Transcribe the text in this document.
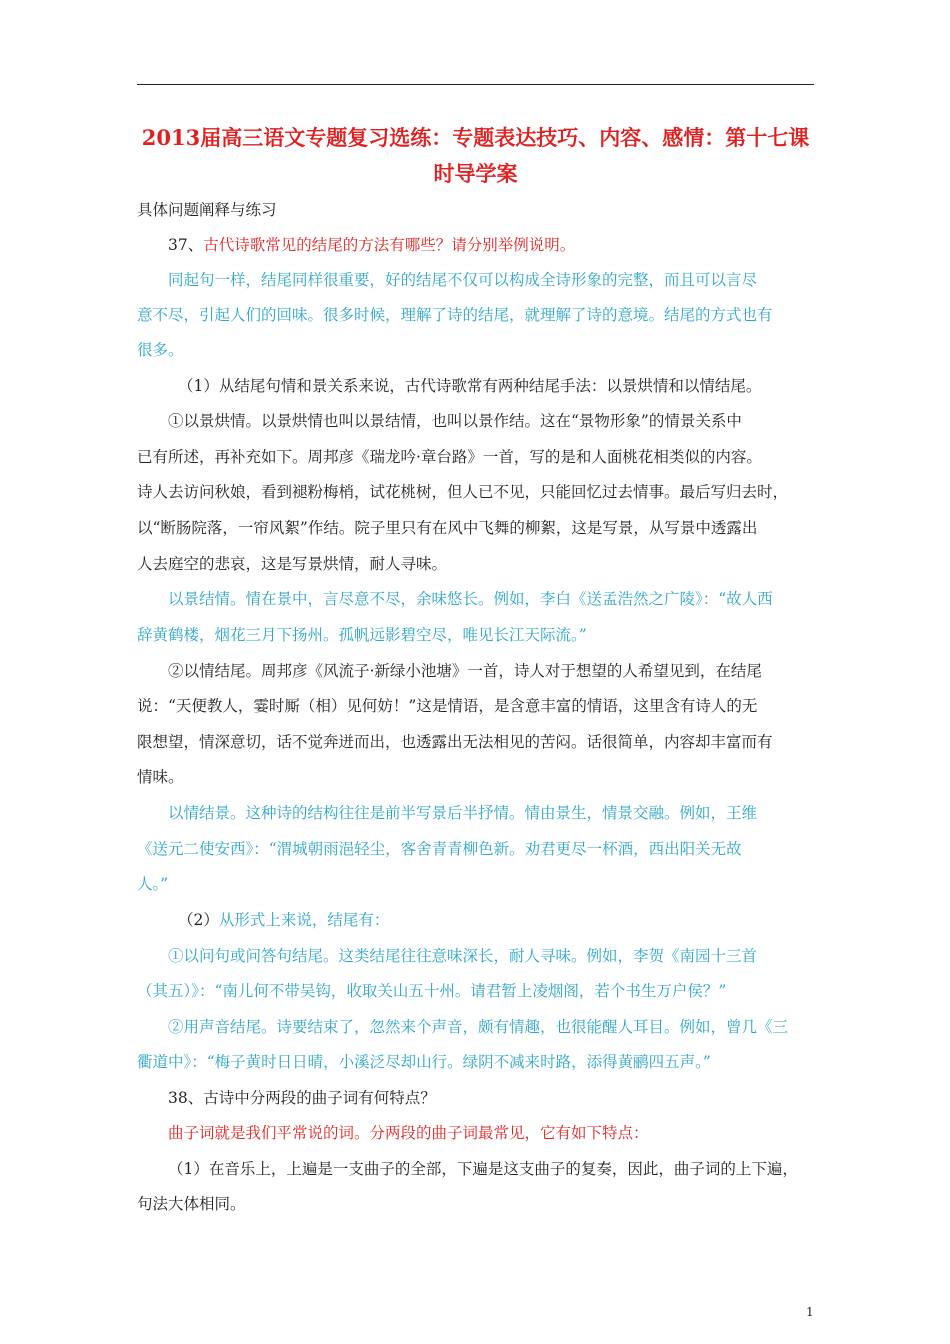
2013届高三语文专题复习选练：专题表达技巧、内容、感情：第十七课
时导学案
具体问题阐释与练习
37、古代诗歌常见的结尾的方法有哪些？请分别举例说明。
同起句一样，结尾同样很重要，好的结尾不仅可以构成全诗形象的完整，而且可以言尽
意不尽，引起人们的回味。很多时候，理解了诗的结尾，就理解了诗的意境。结尾的方式也有
很多。
（1）从结尾句情和景关系来说，古代诗歌常有两种结尾手法：以景烘情和以情结尾。
①以景烘情。以景烘情也叫以景结情，也叫以景作结。这在“景物形象”的情景关系中
已有所述，再补充如下。周邦彦《瑞龙吟·章台路》一首，写的是和人面桃花相类似的内容。
诗人去访问秋娘，看到褪粉梅梢，试花桃树，但人已不见，只能回忆过去情事。最后写归去时，
以“断肠院落，一帘风絮”作结。院子里只有在风中飞舞的柳絮，这是写景，从写景中透露出
人去庭空的悲哀，这是写景烘情，耐人寻味。
以景结情。情在景中，言尽意不尽，余味悠长。例如，李白《送孟浩然之广陵》：“故人西
辞黄鹤楼，烟花三月下扬州。孤帆远影碧空尽，唯见长江天际流。”
②以情结尾。周邦彦《风流子·新绿小池塘》一首，诗人对于想望的人希望见到，在结尾
说：“天便教人，霎时厮（相）见何妨！”这是情语，是含意丰富的情语，这里含有诗人的无
限想望，情深意切，话不觉奔迸而出，也透露出无法相见的苦闷。话很简单，内容却丰富而有
情味。
以情结景。这种诗的结构往往是前半写景后半抒情。情由景生，情景交融。例如，王维
《送元二使安西》：“渭城朝雨浥轻尘，客舍青青柳色新。劝君更尽一杯酒，西出阳关无故
人。”
（2）从形式上来说，结尾有：
①以问句或问答句结尾。这类结尾往往意味深长，耐人寻味。例如，李贺《南园十三首
（其五）》：“南儿何不带吴钩，收取关山五十州。请君暂上凌烟阁，若个书生万户侯？”
②用声音结尾。诗要结束了，忽然来个声音，颇有情趣，也很能醒人耳目。例如，曾几《三
衢道中》：“梅子黄时日日晴，小溪泛尽却山行。绿阴不减来时路，添得黄鹂四五声。”
38、古诗中分两段的曲子词有何特点？
曲子词就是我们平常说的词。分两段的曲子词最常见，它有如下特点：
（1）在音乐上，上遍是一支曲子的全部，下遍是这支曲子的复奏，因此，曲子词的上下遍，
句法大体相同。
1
